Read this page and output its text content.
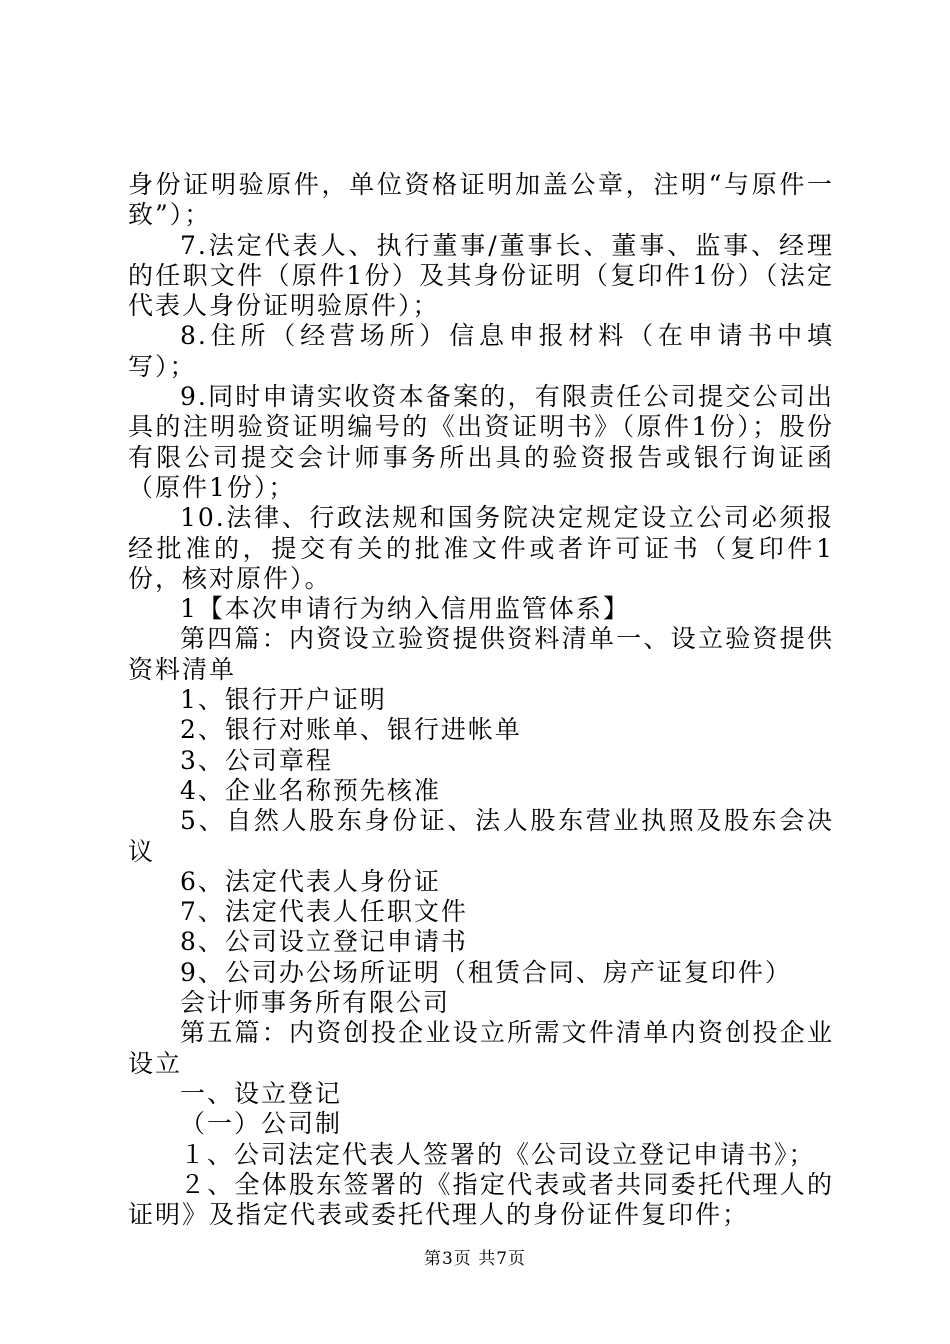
身份证明验原件，单位资格证明加盖公章，注明“与原件一致”）；

7.法定代表人、执行董事/董事长、董事、监事、经理的任职文件（原件1份）及其身份证明（复印件1份）（法定代表人身份证明验原件）；

8.住所（经营场所）信息申报材料（在申请书中填写）；

9.同时申请实收资本备案的，有限责任公司提交公司出具的注明验资证明编号的《出资证明书》（原件1份）；股份有限公司提交会计师事务所出具的验资报告或银行询证函（原件1份）；

10.法律、行政法规和国务院决定规定设立公司必须报经批准的，提交有关的批准文件或者许可证书（复印件1份，核对原件）。

1【本次申请行为纳入信用监管体系】

第四篇：内资设立验资提供资料清单一、设立验资提供资料清单

1、银行开户证明

2、银行对账单、银行进帐单

3、公司章程

4、企业名称预先核准

5、自然人股东身份证、法人股东营业执照及股东会决议

6、法定代表人身份证

7、法定代表人任职文件

8、公司设立登记申请书

9、公司办公场所证明（租赁合同、房产证复印件）

会计师事务所有限公司

第五篇：内资创投企业设立所需文件清单内资创投企业设立

一、设立登记

（一）公司制

１、公司法定代表人签署的《公司设立登记申请书》；

２、全体股东签署的《指定代表或者共同委托代理人的证明》及指定代表或委托代理人的身份证件复印件；

第3页 共7页
